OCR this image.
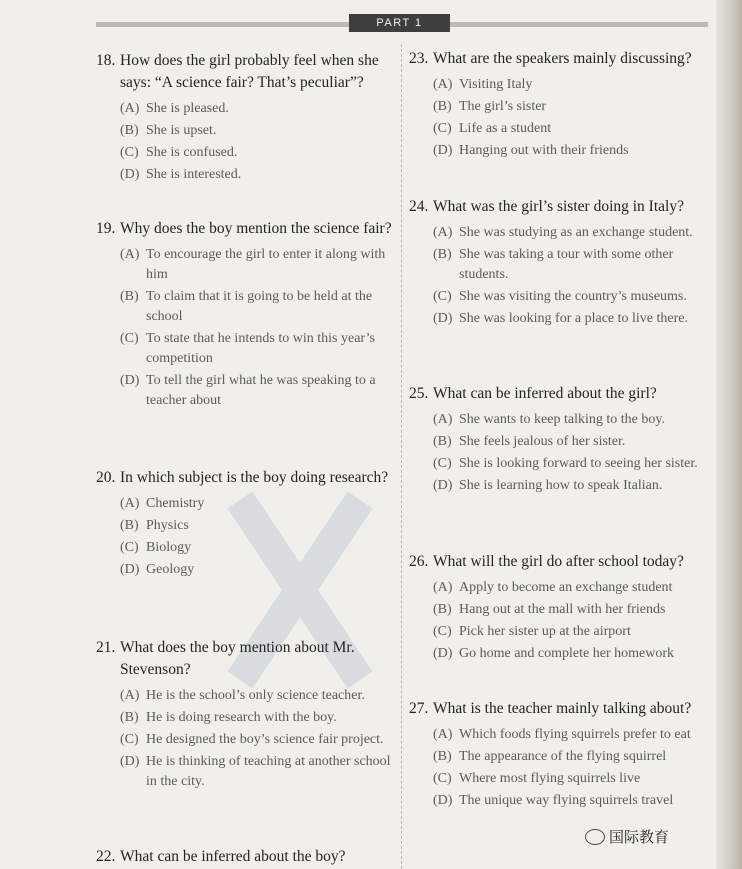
PART 1
18. How does the girl probably feel when she says: “A science fair? That’s peculiar”?
(A) She is pleased.
(B) She is upset.
(C) She is confused.
(D) She is interested.
19. Why does the boy mention the science fair?
(A) To encourage the girl to enter it along with him
(B) To claim that it is going to be held at the school
(C) To state that he intends to win this year’s competition
(D) To tell the girl what he was speaking to a teacher about
20. In which subject is the boy doing research?
(A) Chemistry
(B) Physics
(C) Biology
(D) Geology
21. What does the boy mention about Mr. Stevenson?
(A) He is the school’s only science teacher.
(B) He is doing research with the boy.
(C) He designed the boy’s science fair project.
(D) He is thinking of teaching at another school in the city.
22. What can be inferred about the boy?
23. What are the speakers mainly discussing?
(A) Visiting Italy
(B) The girl’s sister
(C) Life as a student
(D) Hanging out with their friends
24. What was the girl’s sister doing in Italy?
(A) She was studying as an exchange student.
(B) She was taking a tour with some other students.
(C) She was visiting the country’s museums.
(D) She was looking for a place to live there.
25. What can be inferred about the girl?
(A) She wants to keep talking to the boy.
(B) She feels jealous of her sister.
(C) She is looking forward to seeing her sister.
(D) She is learning how to speak Italian.
26. What will the girl do after school today?
(A) Apply to become an exchange student
(B) Hang out at the mall with her friends
(C) Pick her sister up at the airport
(D) Go home and complete her homework
27. What is the teacher mainly talking about?
(A) Which foods flying squirrels prefer to eat
(B) The appearance of the flying squirrel
(C) Where most flying squirrels live
(D) The unique way flying squirrels travel
国际教育
